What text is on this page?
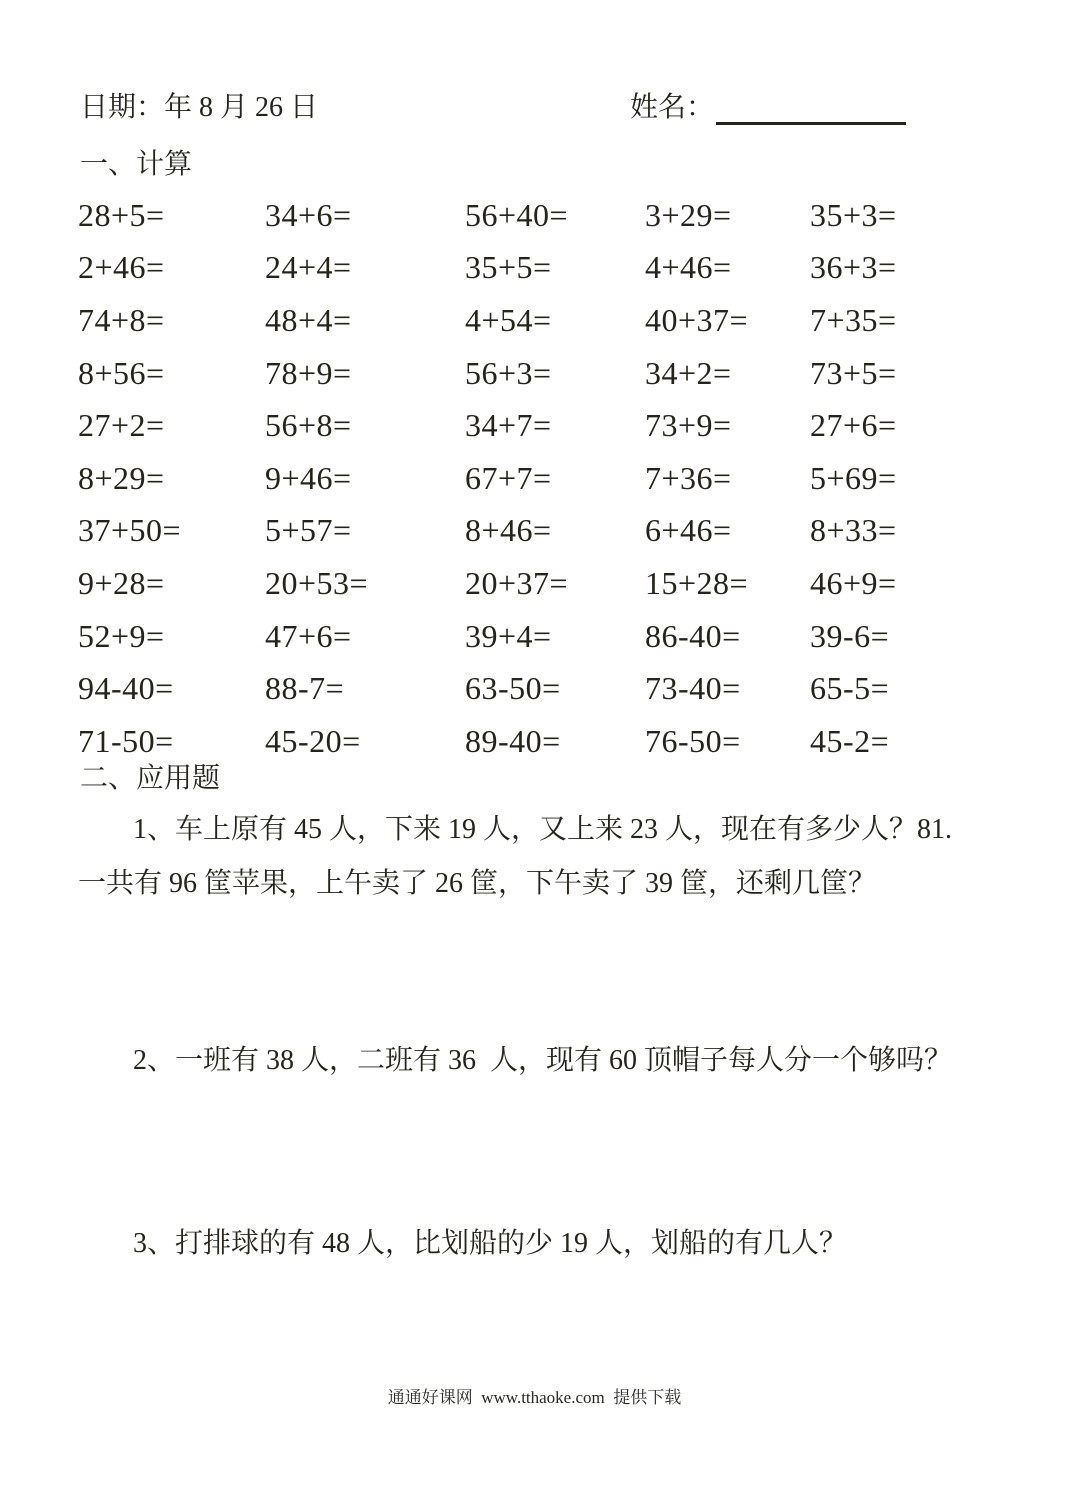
日期：年 8 月 26 日	姓名：
一、计算
28+5=	34+6=	56+40=	3+29=	35+3=
2+46=	24+4=	35+5=	4+46=	36+3=
74+8=	48+4=	4+54=	40+37=	7+35=
8+56=	78+9=	56+3=	34+2=	73+5=
27+2=	56+8=	34+7=	73+9=	27+6=
8+29=	9+46=	67+7=	7+36=	5+69=
37+50=	5+57=	8+46=	6+46=	8+33=
9+28=	20+53=	20+37=	15+28=	46+9=
52+9=	47+6=	39+4=	86-40=	39-6=
94-40=	88-7=	63-50=	73-40=	65-5=
71-50=	45-20=	89-40=	76-50=	45-2=
二、应用题
1、车上原有 45 人，下来 19 人，又上来 23 人，现在有多少人？81.
一共有 96 筐苹果，上午卖了 26 筐，下午卖了 39 筐，还剩几筐？
2、一班有 38 人，二班有 36  人，现有 60 顶帽子每人分一个够吗？
3、打排球的有 48 人，比划船的少 19 人，划船的有几人？
通通好课网  www.tthaoke.com  提供下载
